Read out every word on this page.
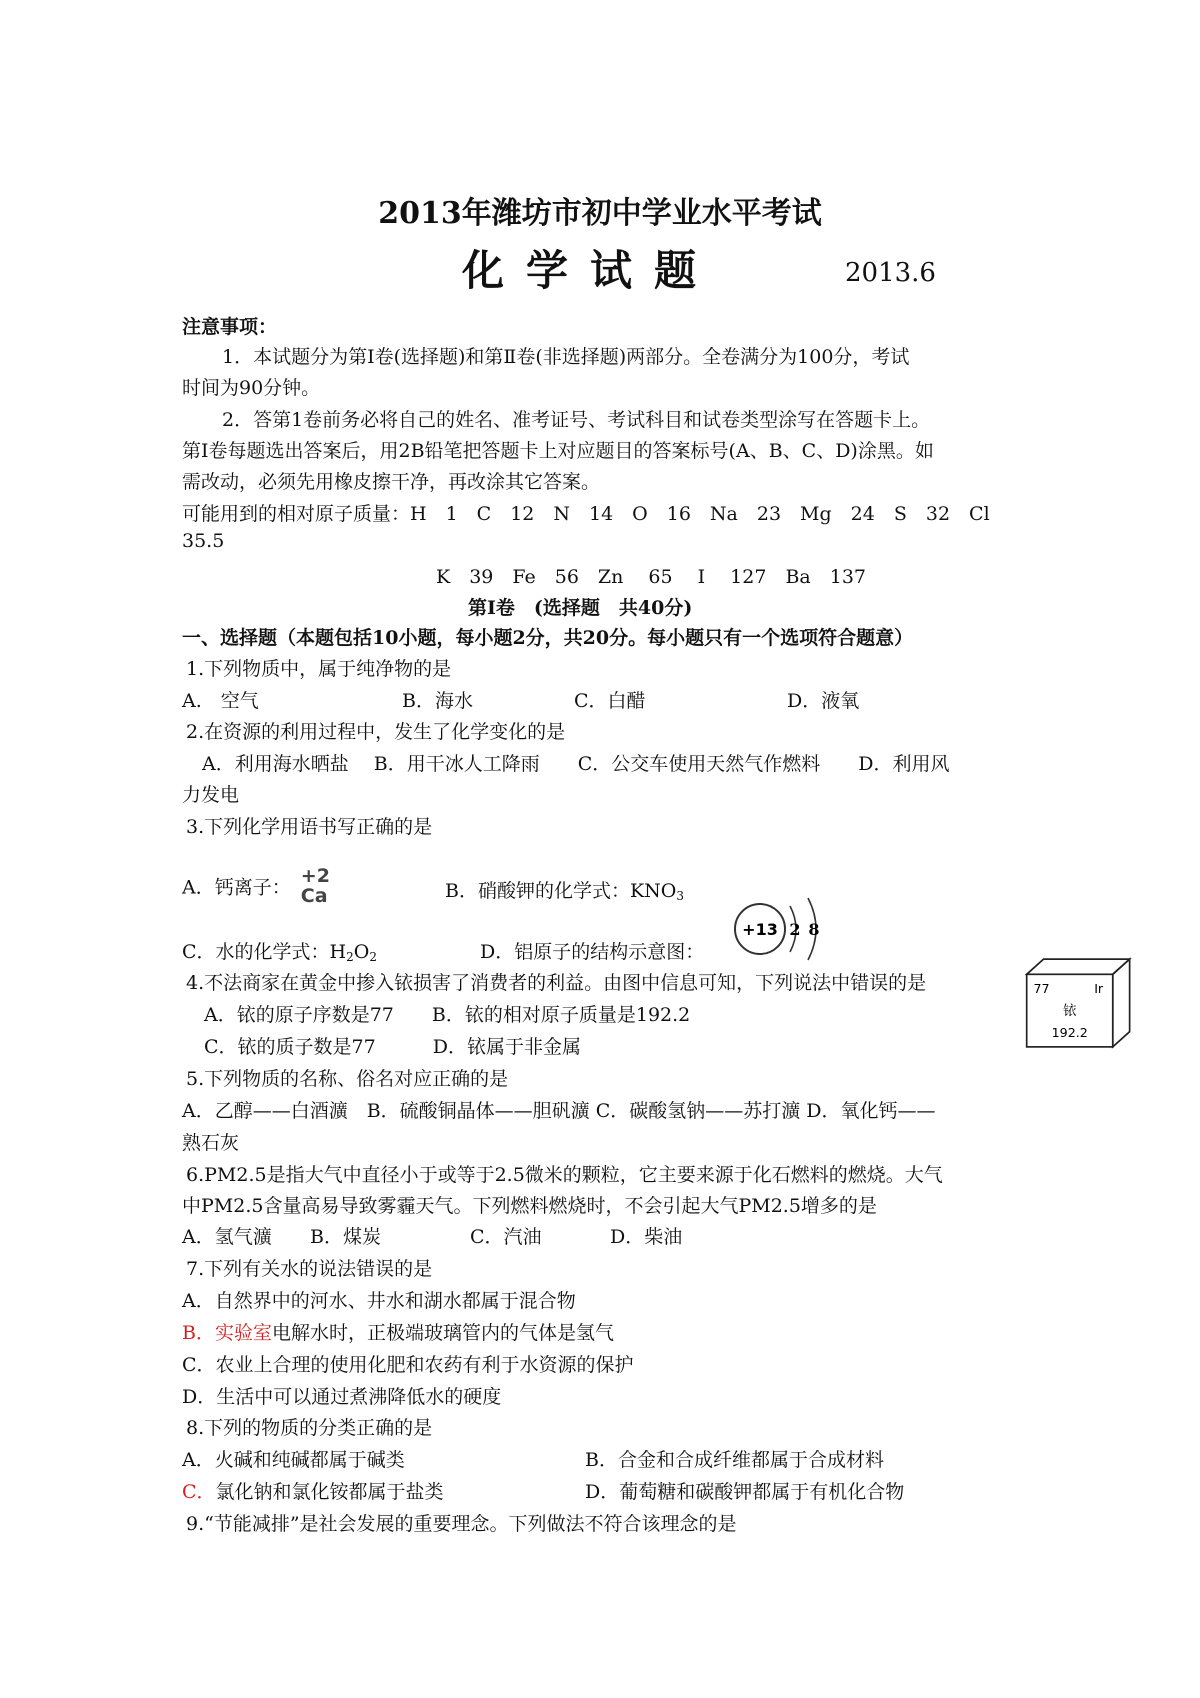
2013年潍坊市初中学业水平考试
化学试题	2013.6
注意事项：
1．本试题分为第Ⅰ卷(选择题)和第Ⅱ卷(非选择题)两部分。全卷满分为100分，考试
时间为90分钟。
2．答第1卷前务必将自己的姓名、准考证号、考试科目和试卷类型涂写在答题卡上。
第Ⅰ卷每题选出答案后，用2B铅笔把答题卡上对应题目的答案标号(A、B、C、D)涂黑。如
需改动，必须先用橡皮擦干净，再改涂其它答案。
可能用到的相对原子质量：H　1　C　12　N　14　O　16　Na　23　Mg　24　S　32　Cl
35.5
K　39　Fe　56　Zn　 65　 I　 127　Ba　137
第Ⅰ卷　(选择题　共40分)
一、选择题（本题包括10小题，每小题2分，共20分。每小题只有一个选项符合题意）
1.下列物质中，属于纯净物的是
A.　空气	B．海水	C．白醋	D．液氧
2.在资源的利用过程中，发生了化学变化的是
A．利用海水晒盐　 B．用干冰人工降雨　　C．公交车使用天然气作燃料　　D．利用风
力发电
3.下列化学用语书写正确的是
A．钙离子：
+2
Ca	B．硝酸钾的化学式：$KNO_3$
C．水的化学式：$H_2O_2$	D．铝原子的结构示意图：
+13 2 8
4.不法商家在黄金中掺入铱损害了消费者的利益。由图中信息可知，下列说法中错误的是
A．铱的原子序数是77　　B．铱的相对原子质量是192.2
C．铱的质子数是77　　　D．铱属于非金属
77	Ir
铱
192.2
5.下列物质的名称、俗名对应正确的是
A．乙醇——白酒瀇　B．硫酸铜晶体——胆矾瀇 C．碳酸氢钠——苏打瀇 D．氧化钙——
熟石灰
6.PM2.5是指大气中直径小于或等于2.5微米的颗粒，它主要来源于化石燃料的燃烧。大气
中PM2.5含量高易导致雾霾天气。下列燃料燃烧时，不会引起大气PM2.5增多的是
A．氢气瀇 B．煤炭	C．汽油	D．柴油
7.下列有关水的说法错误的是
A．自然界中的河水、井水和湖水都属于混合物
B．实验室电解水时，正极端玻璃管内的气体是氢气
C．农业上合理的使用化肥和农药有利于水资源的保护
D．生活中可以通过煮沸降低水的硬度
8.下列的物质的分类正确的是
A．火碱和纯碱都属于碱类	B．合金和合成纤维都属于合成材料
C．氯化钠和氯化铵都属于盐类	D．葡萄糖和碳酸钾都属于有机化合物
9.“节能减排”是社会发展的重要理念。下列做法不符合该理念的是
